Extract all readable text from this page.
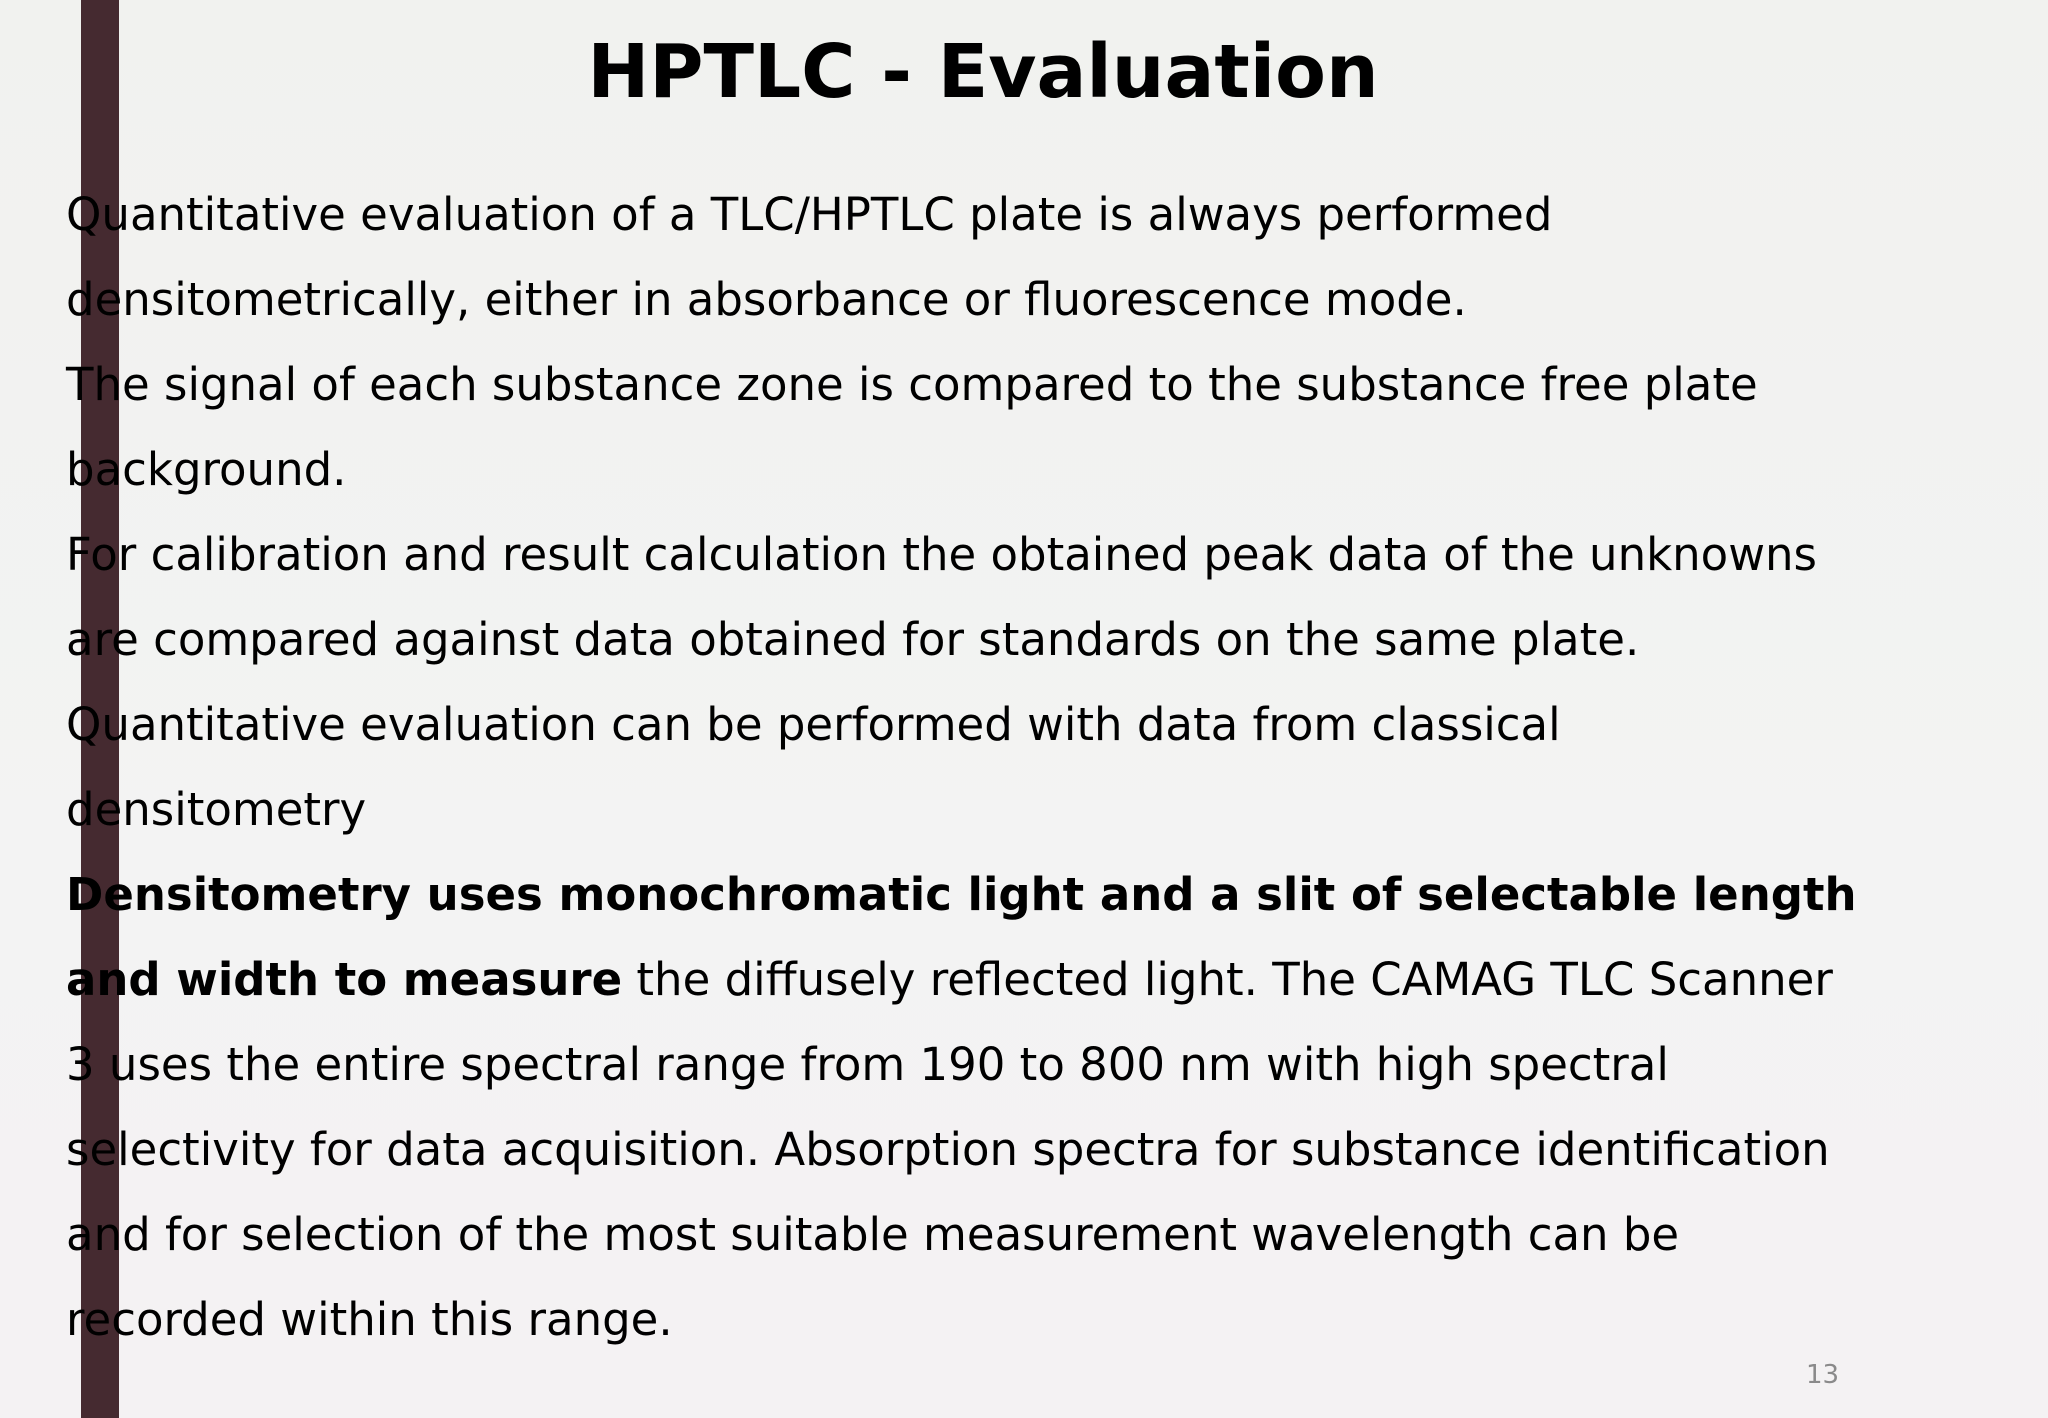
HPTLC - Evaluation
Quantitative evaluation of a TLC/HPTLC plate is always performed
densitometrically, either in absorbance or fluorescence mode.
The signal of each substance zone is compared to the substance free plate
background.
For calibration and result calculation the obtained peak data of the unknowns
are compared against data obtained for standards on the same plate.
Quantitative evaluation can be performed with data from classical
densitometry
Densitometry uses monochromatic light and a slit of selectable length
and width to measure the diffusely reflected light. The CAMAG TLC Scanner
3 uses the entire spectral range from 190 to 800 nm with high spectral
selectivity for data acquisition. Absorption spectra for substance identification
and for selection of the most suitable measurement wavelength can be
recorded within this range.
13
